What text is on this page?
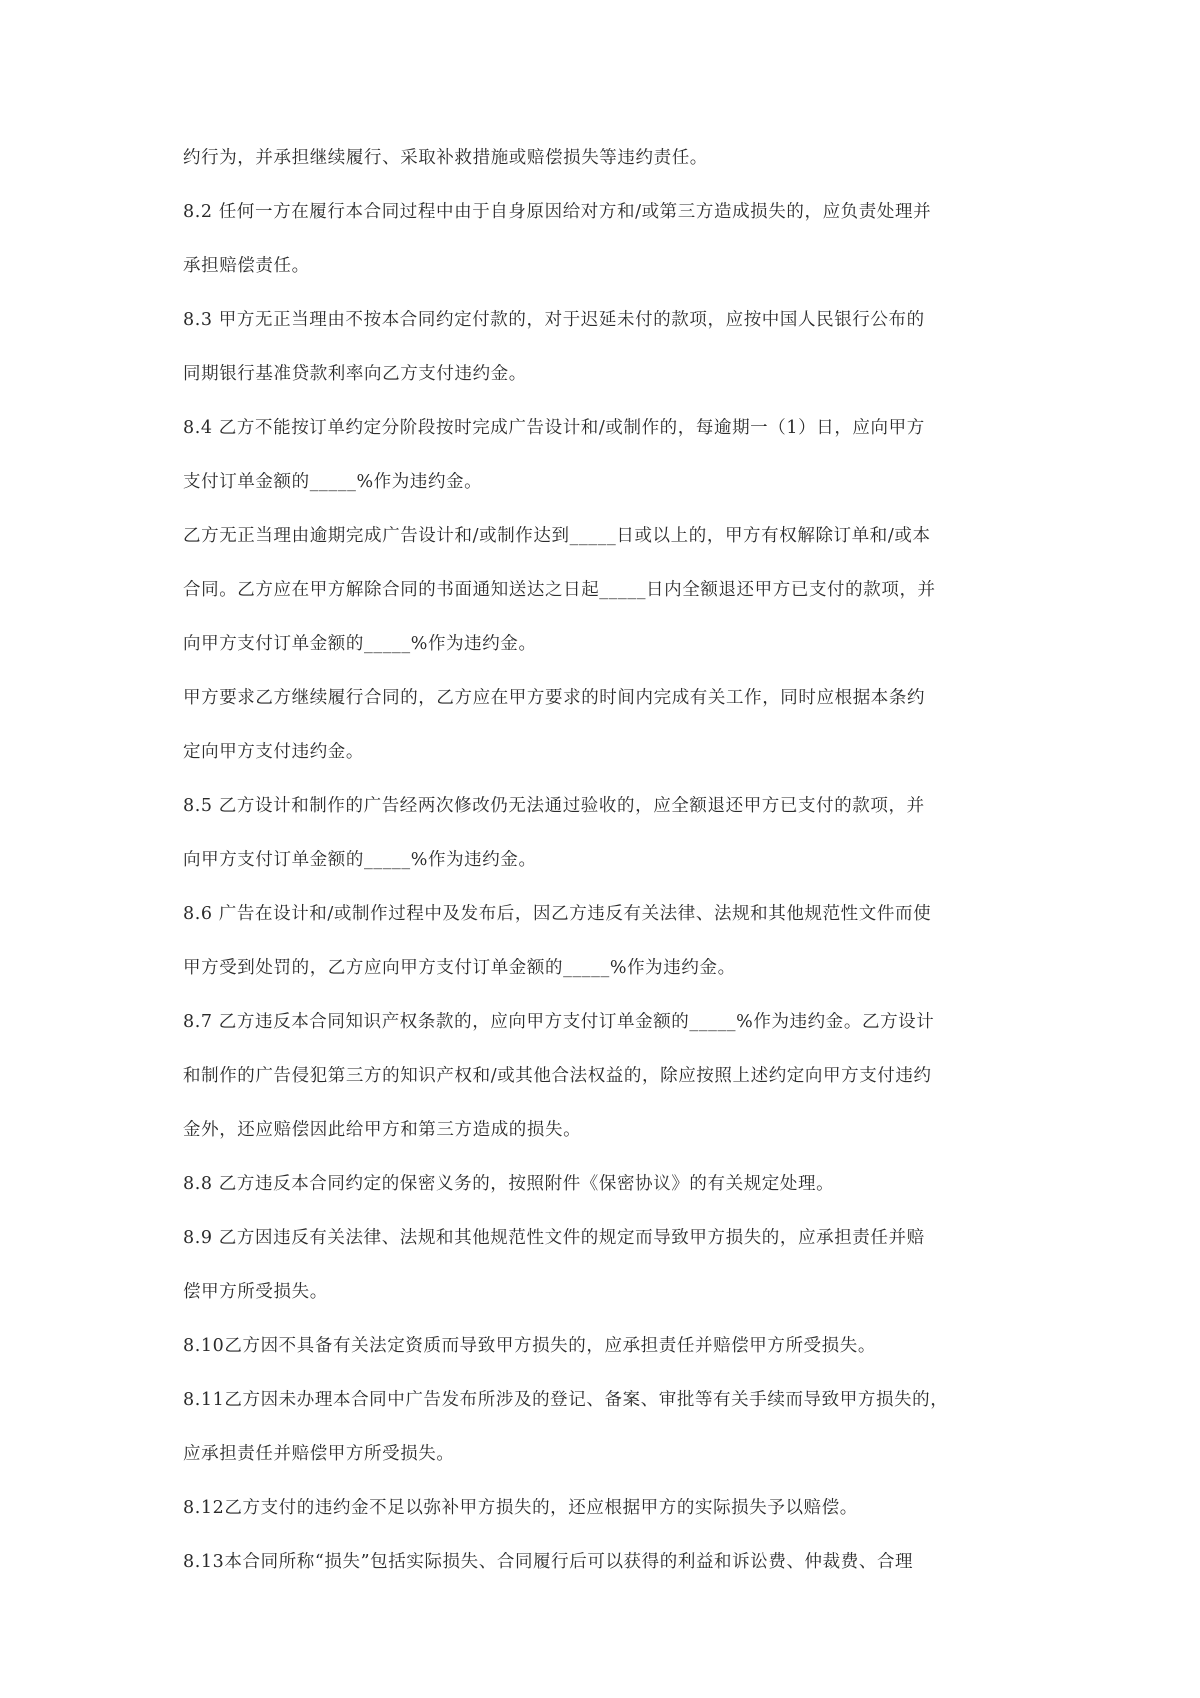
约行为，并承担继续履行、采取补救措施或赔偿损失等违约责任。

8.2 任何一方在履行本合同过程中由于自身原因给对方和/或第三方造成损失的，应负责处理并

承担赔偿责任。

8.3 甲方无正当理由不按本合同约定付款的，对于迟延未付的款项，应按中国人民银行公布的

同期银行基准贷款利率向乙方支付违约金。

8.4 乙方不能按订单约定分阶段按时完成广告设计和/或制作的，每逾期一（1）日，应向甲方

支付订单金额的_____%作为违约金。

乙方无正当理由逾期完成广告设计和/或制作达到_____日或以上的，甲方有权解除订单和/或本

合同。乙方应在甲方解除合同的书面通知送达之日起_____日内全额退还甲方已支付的款项，并

向甲方支付订单金额的_____%作为违约金。

甲方要求乙方继续履行合同的，乙方应在甲方要求的时间内完成有关工作，同时应根据本条约

定向甲方支付违约金。

8.5 乙方设计和制作的广告经两次修改仍无法通过验收的，应全额退还甲方已支付的款项，并

向甲方支付订单金额的_____%作为违约金。

8.6 广告在设计和/或制作过程中及发布后，因乙方违反有关法律、法规和其他规范性文件而使

甲方受到处罚的，乙方应向甲方支付订单金额的_____%作为违约金。

8.7 乙方违反本合同知识产权条款的，应向甲方支付订单金额的_____%作为违约金。乙方设计

和制作的广告侵犯第三方的知识产权和/或其他合法权益的，除应按照上述约定向甲方支付违约

金外，还应赔偿因此给甲方和第三方造成的损失。

8.8 乙方违反本合同约定的保密义务的，按照附件《保密协议》的有关规定处理。

8.9 乙方因违反有关法律、法规和其他规范性文件的规定而导致甲方损失的，应承担责任并赔

偿甲方所受损失。

8.10乙方因不具备有关法定资质而导致甲方损失的，应承担责任并赔偿甲方所受损失。

8.11乙方因未办理本合同中广告发布所涉及的登记、备案、审批等有关手续而导致甲方损失的，

应承担责任并赔偿甲方所受损失。

8.12乙方支付的违约金不足以弥补甲方损失的，还应根据甲方的实际损失予以赔偿。

8.13本合同所称“损失”包括实际损失、合同履行后可以获得的利益和诉讼费、仲裁费、合理
